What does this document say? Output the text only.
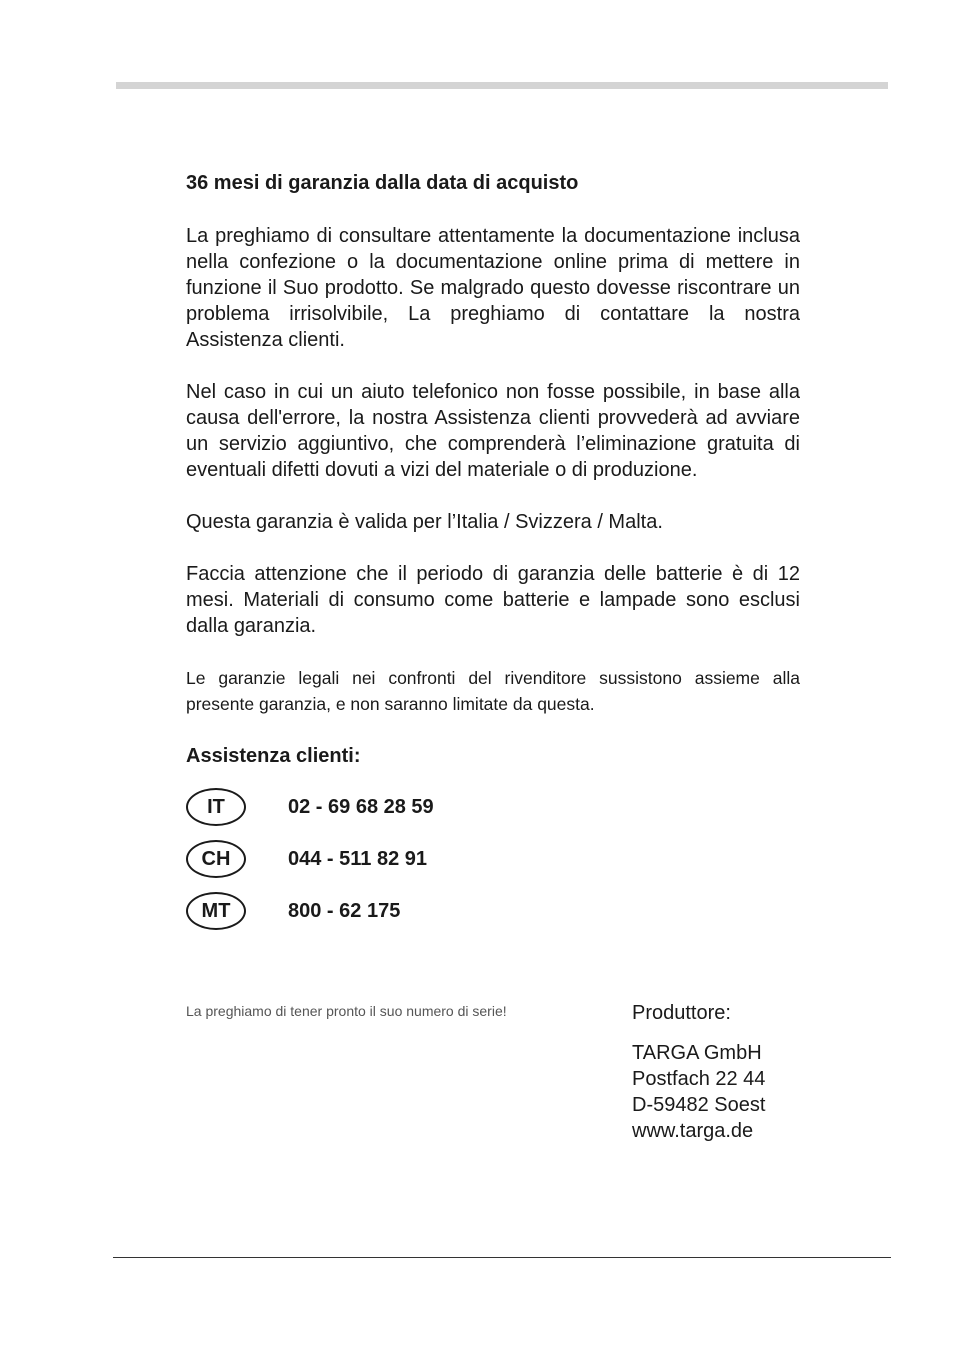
36 mesi di garanzia dalla data di acquisto

La preghiamo di consultare attentamente la documentazione inclusa nella confezione o la documentazione online prima di mettere in funzione il Suo prodotto. Se malgrado questo dovesse riscontrare un problema irrisolvibile, La preghiamo di contattare la nostra Assistenza clienti.

Nel caso in cui un aiuto telefonico non fosse possibile, in base alla causa dell'errore, la nostra Assistenza clienti provvederà ad avviare un servizio aggiuntivo, che comprenderà l’eliminazione gratuita di eventuali difetti dovuti a vizi del materiale o di produzione.

Questa garanzia è valida per l’Italia / Svizzera / Malta.

Faccia attenzione che il periodo di garanzia delle batterie è di 12 mesi. Materiali di consumo come batterie e lampade sono esclusi dalla garanzia.

Le garanzie legali nei confronti del rivenditore sussistono assieme alla presente garanzia, e non saranno limitate da questa.

Assistenza clienti:
IT	02 - 69 68 28 59
CH	044 - 511 82 91
MT	800 - 62 175
La preghiamo di tener pronto il suo numero di serie!	Produttore:
TARGA GmbH
Postfach 22 44
D-59482 Soest
www.targa.de
